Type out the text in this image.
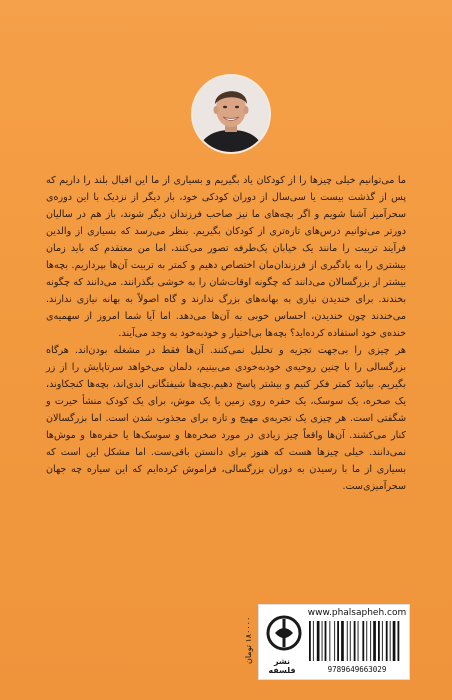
ما می‌توانیم خیلی چیزها را از کودکان یاد بگیریم و بسیاری از ما این اقبال بلند را داریم که پس از گذشت بیست یا سی‌سال از دوران کودکی خود، بار دیگر از نزدیک با این دوره‌ی سحرآمیز آشنا شویم و اگر بچه‌های ما نیز صاحب فرزندان دیگر شوند، باز هم در سالیان دورتر می‌توانیم درس‌های تازه‌تری از کودکان بگیریم. بنظر می‌رسد که بسیاری از والدین فرآیند تربیت را مانند یک خیابان یک‌طرفه تصور می‌کنند، اما من معتقدم که باید زمان بیشتری را به یادگیری از فرزندان‌مان اختصاص دهیم و کمتر به تربیت آن‌ها بپردازیم. بچه‌ها بیشتر از بزرگسالان می‌دانند که چگونه اوقات‌شان را به خوشی بگذرانند. می‌دانند که چگونه بخندند. برای خندیدن نیازی به بهانه‌های بزرگ ندارند و گاه اصولاً به بهانه نیازی ندارند. می‌خندند چون خندیدن، احساس خوبی به آن‌ها می‌دهد. اما آیا شما امروز از سهمیه‌ی خنده‌ی خود استفاده کرده‌اید؟ بچه‌ها بی‌اختیار و خودبه‌خود به وجد می‌آیند.

هر چیزی را بی‌جهت تجزیه و تحلیل نمی‌کنند. آن‌ها فقط در مشغله بودن‌اند. هرگاه بزرگسالی را با چنین روحیه‌ی خودبه‌خودی می‌بینیم، دلمان می‌خواهد سرتاپایش را از زر بگیریم. بیائید کمتر فکر کنیم و بیشتر پاسخ دهیم.بچه‌ها شیفتگانی ابدی‌اند، بچه‌ها کنجکاوند، یک صخره، یک سوسک، یک حفره روی زمین یا یک موش، برای یک کودک منشأ حیرت و شگفتی است. هر چیزی یک تجربه‌ی مهیج و تازه برای مجذوب شدن است. اما بزرگسالان کنار می‌کشند. آن‌ها واقعاً چیز زیادی در مورد صخره‌ها و سوسک‌ها یا حفره‌ها و موش‌ها نمی‌دانند. خیلی چیزها هست که هنوز برای دانستن باقی‌ست. اما مشکل این است که بسیاری از ما با رسیدن به دوران بزرگسالی، فراموش کرده‌ایم که این سیاره چه جهان سحرآمیزی‌ست.

۱۸۰۰۰۰ تومان
نشر فلسفه
www.phalsapheh.com
9789649663029
